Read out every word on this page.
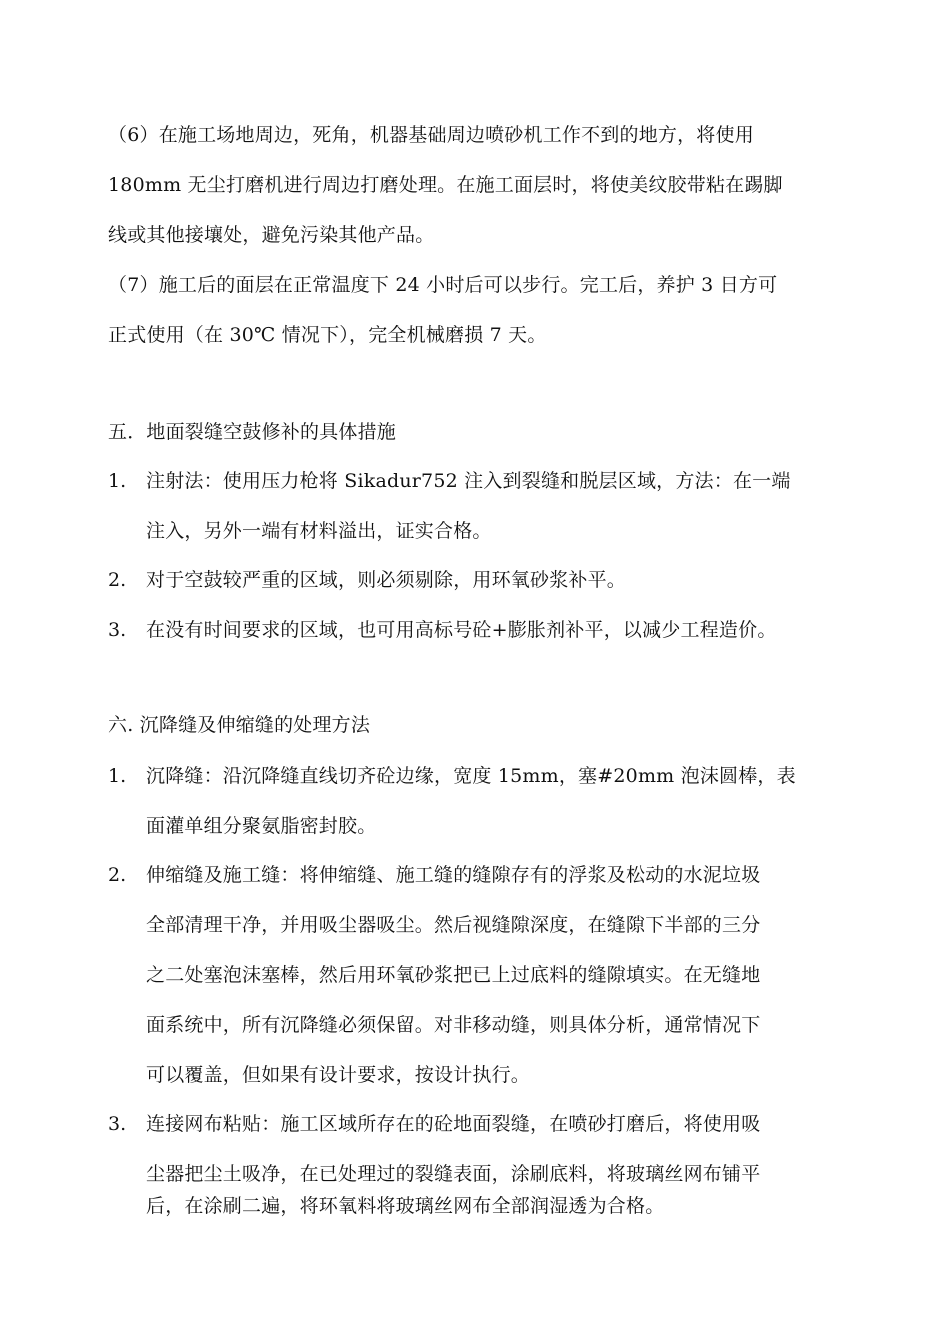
（6）在施工场地周边，死角，机器基础周边喷砂机工作不到的地方，将使用

180mm 无尘打磨机进行周边打磨处理。在施工面层时，将使美纹胶带粘在踢脚

线或其他接壤处，避免污染其他产品。

（7）施工后的面层在正常温度下 24 小时后可以步行。完工后，养护 3 日方可

正式使用（在 30℃ 情况下），完全机械磨损 7 天。

五．地面裂缝空鼓修补的具体措施

1. 注射法：使用压力枪将 Sikadur752 注入到裂缝和脱层区域，方法：在一端

注入，另外一端有材料溢出，证实合格。

2. 对于空鼓较严重的区域，则必须剔除，用环氧砂浆补平。

3. 在没有时间要求的区域，也可用高标号砼+膨胀剂补平，以减少工程造价。

六. 沉降缝及伸缩缝的处理方法

1. 沉降缝：沿沉降缝直线切齐砼边缘，宽度 15mm，塞#20mm 泡沫圆棒，表

面灌单组分聚氨脂密封胶。

2. 伸缩缝及施工缝：将伸缩缝、施工缝的缝隙存有的浮浆及松动的水泥垃圾

全部清理干净，并用吸尘器吸尘。然后视缝隙深度，在缝隙下半部的三分

之二处塞泡沫塞棒，然后用环氧砂浆把已上过底料的缝隙填实。在无缝地

面系统中，所有沉降缝必须保留。对非移动缝，则具体分析，通常情况下

可以覆盖，但如果有设计要求，按设计执行。

3. 连接网布粘贴：施工区域所存在的砼地面裂缝，在喷砂打磨后，将使用吸

尘器把尘土吸净，在已处理过的裂缝表面，涂刷底料，将玻璃丝网布铺平

后，在涂刷二遍，将环氧料将玻璃丝网布全部润湿透为合格。
